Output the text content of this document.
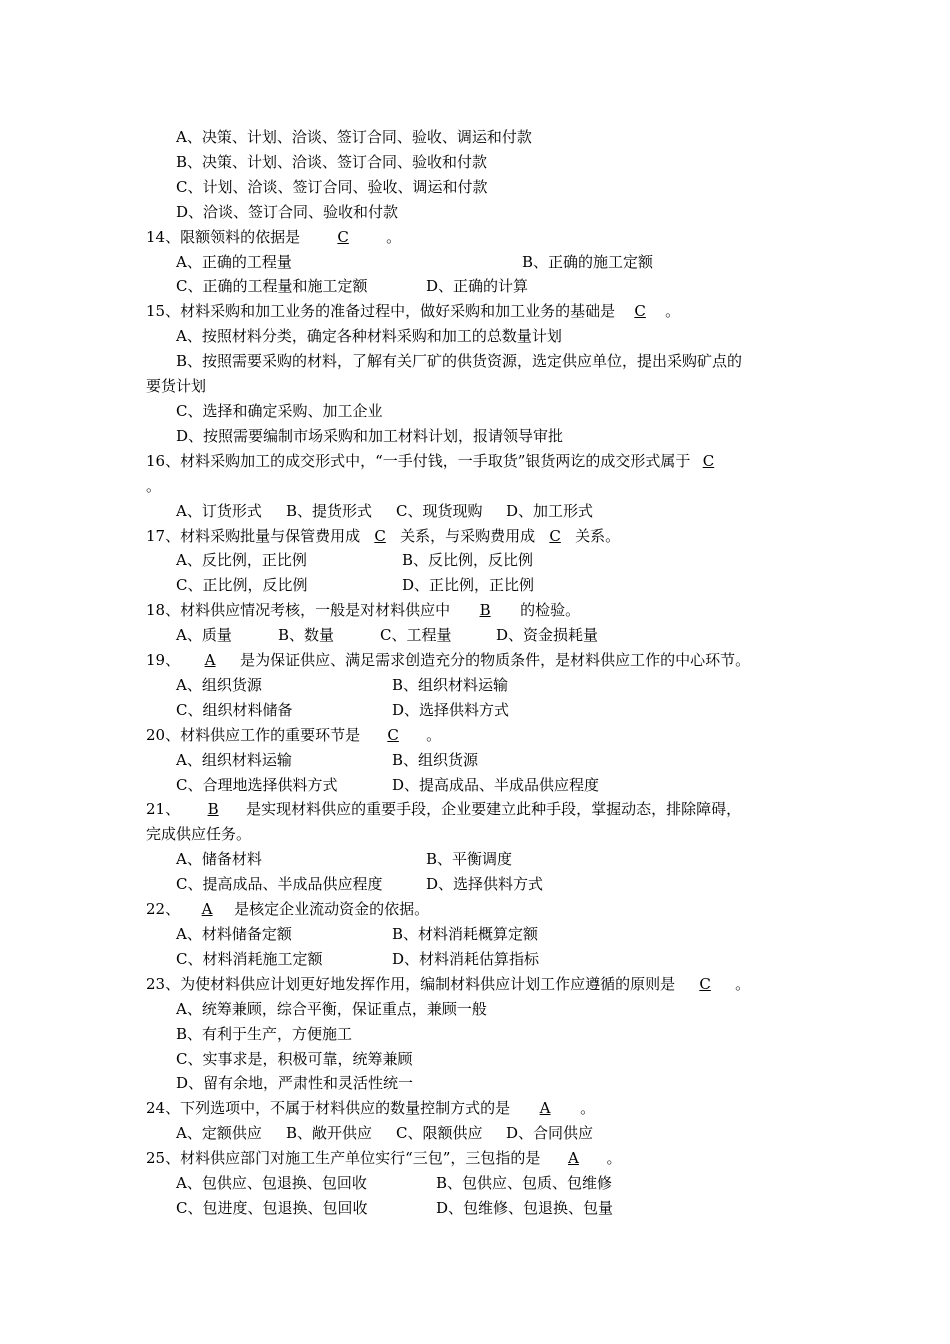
A、决策、计划、洽谈、签订合同、验收、调运和付款
B、决策、计划、洽谈、签订合同、验收和付款
C、计划、洽谈、签订合同、验收、调运和付款
D、洽谈、签订合同、验收和付款
14、限额领料的依据是 C 。
A、正确的工程量	B、正确的施工定额
C、正确的工程量和施工定额	D、正确的计算
15、材料采购和加工业务的准备过程中，做好采购和加工业务的基础是 C 。
A、按照材料分类，确定各种材料采购和加工的总数量计划
B、按照需要采购的材料，了解有关厂矿的供货资源，选定供应单位，提出采购矿点的
要货计划
C、选择和确定采购、加工企业
D、按照需要编制市场采购和加工材料计划，报请领导审批
16、材料采购加工的成交形式中，“一手付钱，一手取货”银货两讫的成交形式属于 C
。
A、订货形式 B、提货形式 C、现货现购 D、加工形式
17、材料采购批量与保管费用成 C 关系，与采购费用成 C 关系。
A、反比例，正比例	B、反比例，反比例
C、正比例，反比例	D、正比例，正比例
18、材料供应情况考核，一般是对材料供应中 B 的检验。
A、质量	B、数量	C、工程量	D、资金损耗量
19、 A 是为保证供应、满足需求创造充分的物质条件，是材料供应工作的中心环节。
A、组织货源	B、组织材料运输
C、组织材料储备	D、选择供料方式
20、材料供应工作的重要环节是 C 。
A、组织材料运输	B、组织货源
C、合理地选择供料方式	D、提高成品、半成品供应程度
21、 B 是实现材料供应的重要手段，企业要建立此种手段，掌握动态，排除障碍，
完成供应任务。
A、储备材料	B、平衡调度
C、提高成品、半成品供应程度	D、选择供料方式
22、 A 是核定企业流动资金的依据。
A、材料储备定额	B、材料消耗概算定额
C、材料消耗施工定额	D、材料消耗估算指标
23、为使材料供应计划更好地发挥作用，编制材料供应计划工作应遵循的原则是 C 。
A、统筹兼顾，综合平衡，保证重点，兼顾一般
B、有利于生产，方便施工
C、实事求是，积极可靠，统筹兼顾
D、留有余地，严肃性和灵活性统一
24、下列选项中，不属于材料供应的数量控制方式的是 A 。
A、定额供应 B、敞开供应 C、限额供应 D、合同供应
25、材料供应部门对施工生产单位实行“三包”，三包指的是 A 。
A、包供应、包退换、包回收	B、包供应、包质、包维修
C、包进度、包退换、包回收	D、包维修、包退换、包量
